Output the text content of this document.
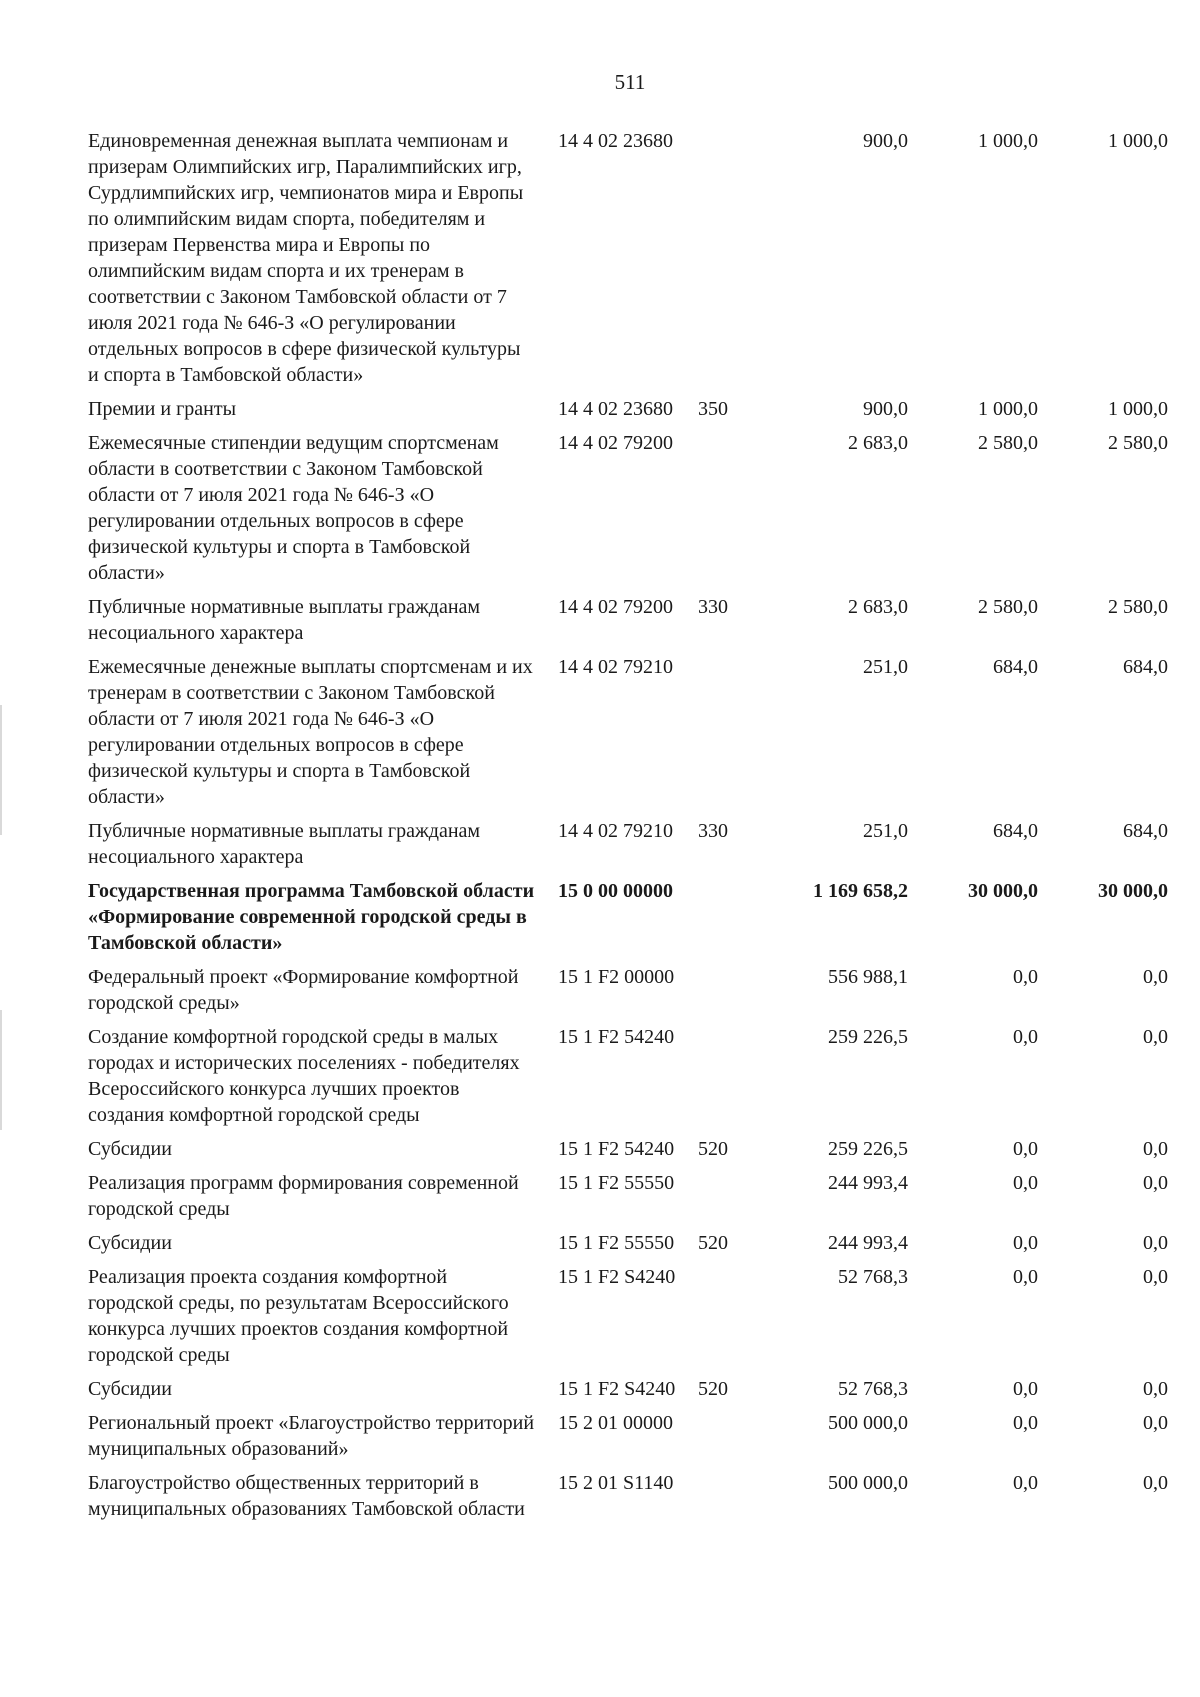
511
Единовременная денежная выплата чемпионам и призерам Олимпийских игр, Паралимпийских игр, Сурдлимпийских игр, чемпионатов мира и Европы по олимпийским видам спорта, победителям и призерам Первенства мира и Европы по олимпийским видам спорта и их тренерам в соответствии с Законом Тамбовской области от 7 июля 2021 года № 646-З «О регулировании отдельных вопросов в сфере физической культуры и спорта в Тамбовской области»	14 4 02 23680		900,0	1 000,0	1 000,0
Премии и гранты	14 4 02 23680	350	900,0	1 000,0	1 000,0
Ежемесячные стипендии ведущим спортсменам области в соответствии с Законом Тамбовской области от 7 июля 2021 года № 646-З «О регулировании отдельных вопросов в сфере физической культуры и спорта в Тамбовской области»	14 4 02 79200		2 683,0	2 580,0	2 580,0
Публичные нормативные выплаты гражданам несоциального характера	14 4 02 79200	330	2 683,0	2 580,0	2 580,0
Ежемесячные денежные выплаты спортсменам и их тренерам в соответствии с Законом Тамбовской области от 7 июля 2021 года № 646-З «О регулировании отдельных вопросов в сфере физической культуры и спорта в Тамбовской области»	14 4 02 79210		251,0	684,0	684,0
Публичные нормативные выплаты гражданам несоциального характера	14 4 02 79210	330	251,0	684,0	684,0
Государственная программа Тамбовской области «Формирование современной городской среды в Тамбовской области»	15 0 00 00000		1 169 658,2	30 000,0	30 000,0
Федеральный проект «Формирование комфортной городской среды»	15 1 F2 00000		556 988,1	0,0	0,0
Создание комфортной городской среды в малых городах и исторических поселениях - победителях Всероссийского конкурса лучших проектов создания комфортной городской среды	15 1 F2 54240		259 226,5	0,0	0,0
Субсидии	15 1 F2 54240	520	259 226,5	0,0	0,0
Реализация программ формирования современной городской среды	15 1 F2 55550		244 993,4	0,0	0,0
Субсидии	15 1 F2 55550	520	244 993,4	0,0	0,0
Реализация проекта создания комфортной городской среды, по результатам Всероссийского конкурса лучших проектов создания комфортной городской среды	15 1 F2 S4240		52 768,3	0,0	0,0
Субсидии	15 1 F2 S4240	520	52 768,3	0,0	0,0
Региональный проект «Благоустройство территорий муниципальных образований»	15 2 01 00000		500 000,0	0,0	0,0
Благоустройство общественных территорий в муниципальных образованиях Тамбовской области	15 2 01 S1140		500 000,0	0,0	0,0
